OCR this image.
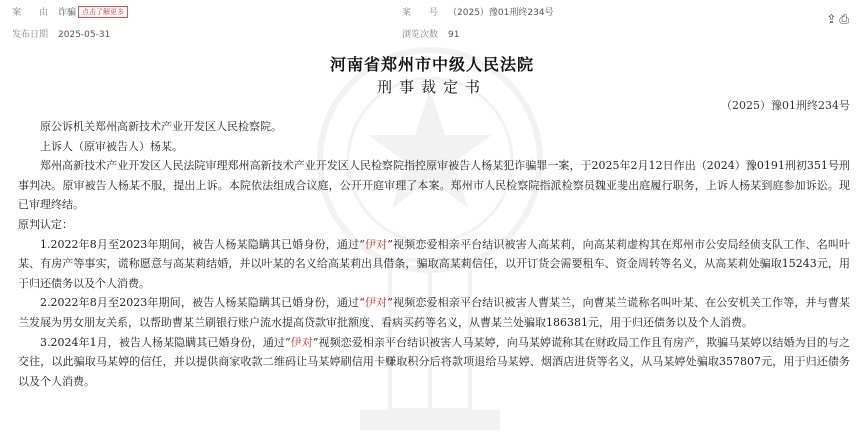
案　　由 诈骗 点击了解更多	案　　号 （2025）豫01刑终234号
发布日期 2025-05-31	浏览次数 91
⇪⎙
河南省郑州市中级人民法院
刑事裁定书
（2025）豫01刑终234号

原公诉机关郑州高新技术产业开发区人民检察院。

上诉人（原审被告人）杨某。

郑州高新技术产业开发区人民法院审理郑州高新技术产业开发区人民检察院指控原审被告人杨某犯诈骗罪一案，于2025年2月12日作出（2024）豫0191刑初351号刑事判决。原审被告人杨某不服，提出上诉。本院依法组成合议庭，公开开庭审理了本案。郑州市人民检察院指派检察员魏亚斐出庭履行职务，上诉人杨某到庭参加诉讼。现已审理终结。

原判认定：

1.2022年8月至2023年期间，被告人杨某隐瞒其已婚身份，通过“伊对”视频恋爱相亲平台结识被害人高某莉，向高某莉虚构其在郑州市公安局经侦支队工作、名叫叶某、有房产等事实，谎称愿意与高某莉结婚，并以叶某的名义给高某莉出具借条，骗取高某莉信任，以开订货会需要租车、资金周转等名义，从高某莉处骗取15243元，用于归还债务以及个人消费。

2.2022年8月至2023年期间，被告人杨某隐瞒其已婚身份，通过“伊对”视频恋爱相亲平台结识被害人曹某兰，向曹某兰谎称名叫叶某、在公安机关工作等，并与曹某兰发展为男女朋友关系，以帮助曹某兰刷银行账户流水提高贷款审批额度、看病买药等名义，从曹某兰处骗取186381元，用于归还债务以及个人消费。

3.2024年1月，被告人杨某隐瞒其已婚身份，通过“伊对”视频恋爱相亲平台结识被害人马某婷，向马某婷谎称其在财政局工作且有房产，欺骗马某婷以结婚为目的与之交往，以此骗取马某婷的信任，并以提供商家收款二维码让马某婷刷信用卡赚取积分后将款项退给马某婷、烟酒店进货等名义，从马某婷处骗取357807元，用于归还债务以及个人消费。
